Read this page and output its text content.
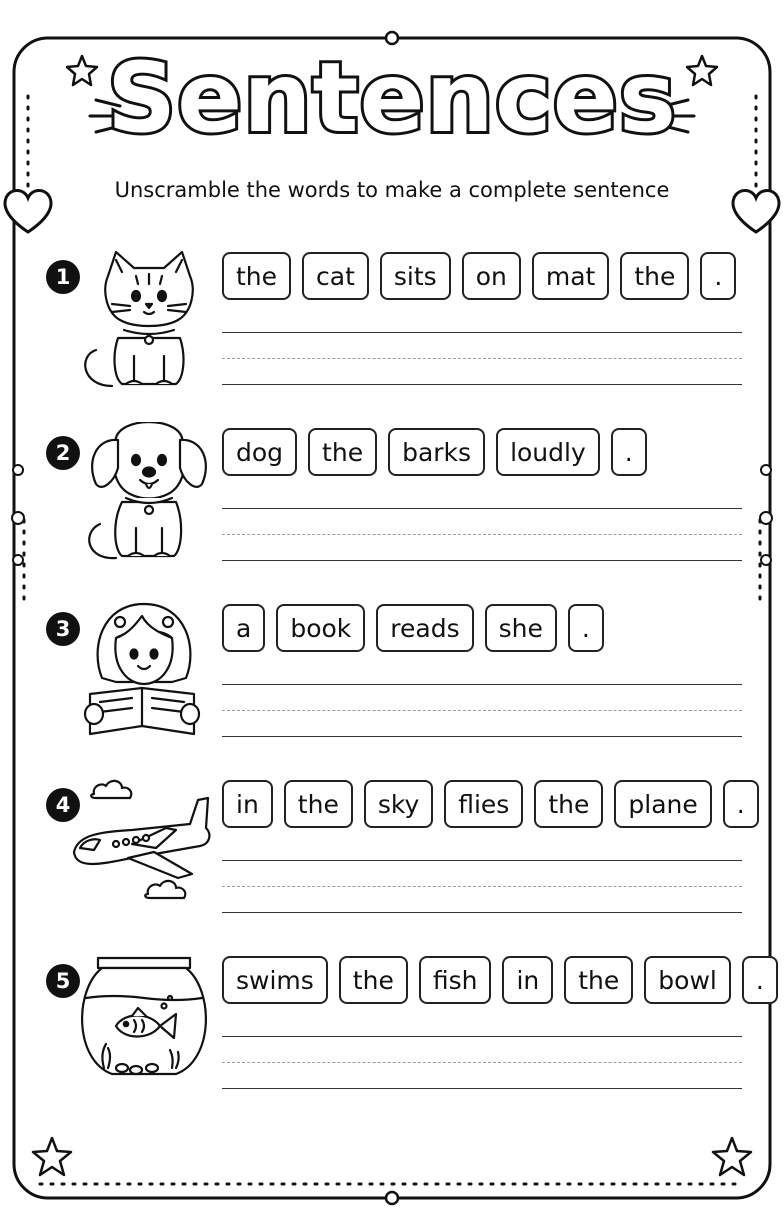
Sentences
Unscramble the words to make a complete sentence
1	the	cat	sits	on	mat	the	.
2	dog	the	barks	loudly	.
3	a	book	reads	she	.
4	in	the	sky	flies	the	plane	.
5	swims	the	fish	in	the	bowl	.
